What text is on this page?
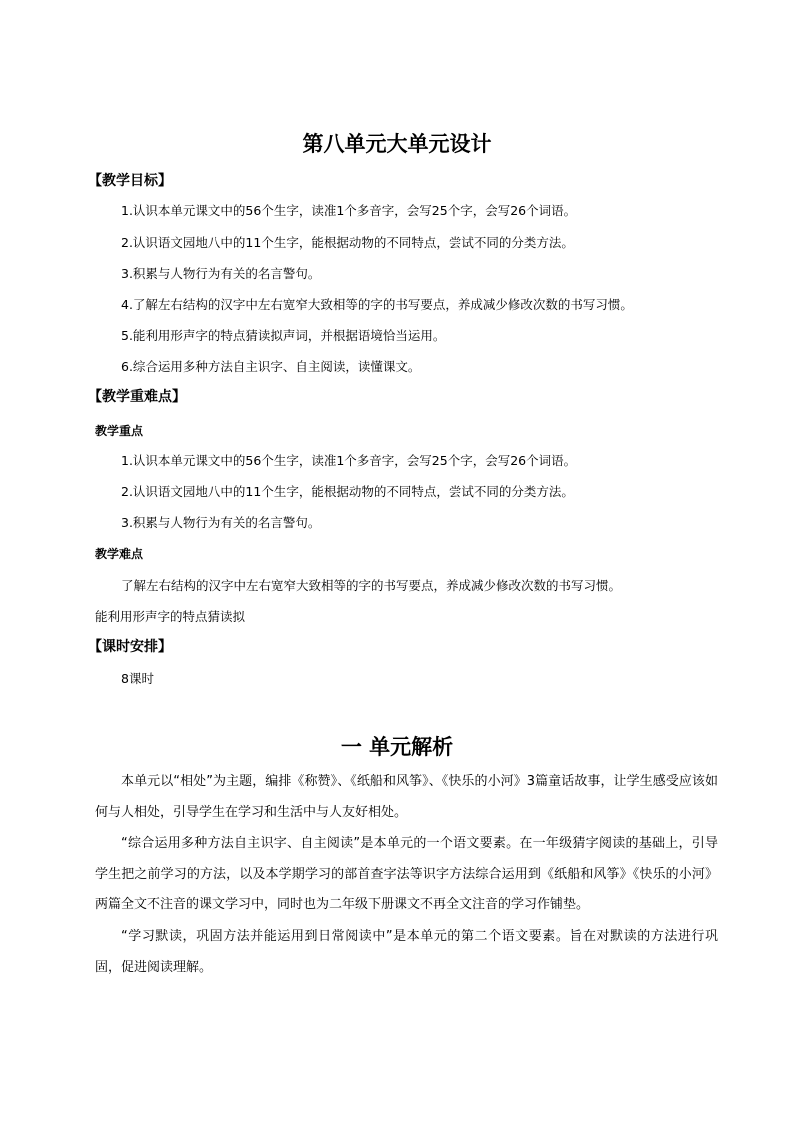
第八单元大单元设计
【教学目标】
1.认识本单元课文中的56个生字，读准1个多音字，会写25个字，会写26个词语。
2.认识语文园地八中的11个生字，能根据动物的不同特点，尝试不同的分类方法。
3.积累与人物行为有关的名言警句。
4.了解左右结构的汉字中左右宽窄大致相等的字的书写要点，养成减少修改次数的书写习惯。
5.能利用形声字的特点猜读拟声词，并根据语境恰当运用。
6.综合运用多种方法自主识字、自主阅读，读懂课文。
【教学重难点】
教学重点
1.认识本单元课文中的56个生字，读准1个多音字，会写25个字，会写26个词语。
2.认识语文园地八中的11个生字，能根据动物的不同特点，尝试不同的分类方法。
3.积累与人物行为有关的名言警句。
教学难点
了解左右结构的汉字中左右宽窄大致相等的字的书写要点，养成减少修改次数的书写习惯。
能利用形声字的特点猜读拟
【课时安排】
8课时
一 单元解析

本单元以“相处”为主题，编排《称赞》、《纸船和风筝》、《快乐的小河》3篇童话故事，让学生感受应该如何与人相处，引导学生在学习和生活中与人友好相处。

“综合运用多种方法自主识字、自主阅读”是本单元的一个语文要素。在一年级猜字阅读的基础上，引导学生把之前学习的方法，以及本学期学习的部首查字法等识字方法综合运用到《纸船和风筝》《快乐的小河》两篇全文不注音的课文学习中，同时也为二年级下册课文不再全文注音的学习作铺垫。

“学习默读，巩固方法并能运用到日常阅读中”是本单元的第二个语文要素。旨在对默读的方法进行巩固，促进阅读理解。
